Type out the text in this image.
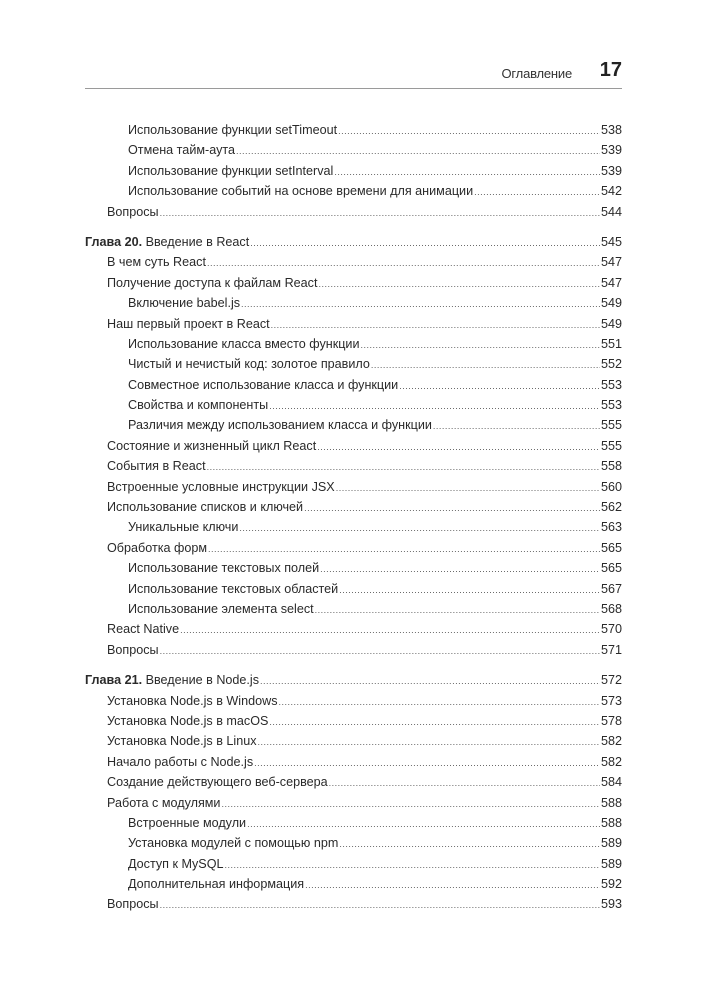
Оглавление 17
Использование функции setTimeout .....	538
Отмена тайм-аута .....	539
Использование функции setInterval .....	539
Использование событий на основе времени для анимации .....	542
Вопросы .....	544
Глава 20. Введение в React .....	545
В чем суть React .....	547
Получение доступа к файлам React .....	547
Включение babel.js .....	549
Наш первый проект в React .....	549
Использование класса вместо функции .....	551
Чистый и нечистый код: золотое правило .....	552
Совместное использование класса и функции .....	553
Свойства и компоненты .....	553
Различия между использованием класса и функции .....	555
Состояние и жизненный цикл React .....	555
События в React .....	558
Встроенные условные инструкции JSX .....	560
Использование списков и ключей .....	562
Уникальные ключи .....	563
Обработка форм .....	565
Использование текстовых полей .....	565
Использование текстовых областей .....	567
Использование элемента select .....	568
React Native .....	570
Вопросы .....	571
Глава 21. Введение в Node.js .....	572
Установка Node.js в Windows .....	573
Установка Node.js в macOS .....	578
Установка Node.js в Linux .....	582
Начало работы с Node.js .....	582
Создание действующего веб-сервера .....	584
Работа с модулями .....	588
Встроенные модули .....	588
Установка модулей с помощью npm .....	589
Доступ к MySQL .....	589
Дополнительная информация .....	592
Вопросы .....	593
